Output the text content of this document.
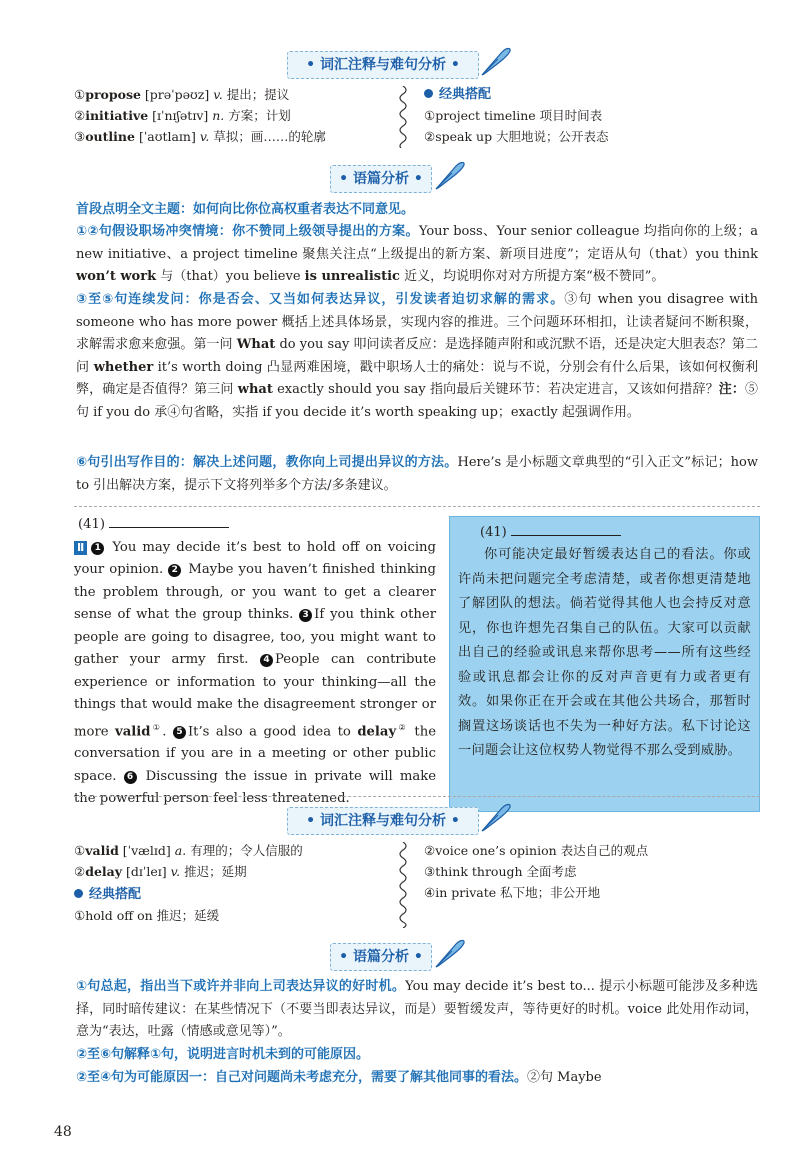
• 词汇注释与难句分析 •
①propose [prəˈpəʊz] v. 提出；提议
②initiative [ɪˈnɪʃətɪv] n. 方案；计划
③outline [ˈaʊtlaɪn] v. 草拟；画……的轮廓
经典搭配
①project timeline 项目时间表
②speak up 大胆地说；公开表态
• 语篇分析 •
首段点明全文主题：如何向比你位高权重者表达不同意见。
①②句假设职场冲突情境：你不赞同上级领导提出的方案。Your boss、Your senior colleague 均指向你的上级；a new initiative、a project timeline 聚焦关注点“上级提出的新方案、新项目进度”；定语从句（that）you think won’t work 与（that）you believe is unrealistic 近义，均说明你对对方所提方案“极不赞同”。
③至⑤句连续发问：你是否会、又当如何表达异议，引发读者迫切求解的需求。③句 when you disagree with someone who has more power 概括上述具体场景，实现内容的推进。三个问题环环相扣，让读者疑问不断积聚，求解需求愈来愈强。第一问 What do you say 叩问读者反应：是选择随声附和或沉默不语，还是决定大胆表态？第二问 whether it’s worth doing 凸显两难困境，戳中职场人士的痛处：说与不说，分别会有什么后果，该如何权衡利弊，确定是否值得？第三问 what exactly should you say 指向最后关键环节：若决定进言，又该如何措辞？注：⑤句 if you do 承④句省略，实指 if you decide it’s worth speaking up；exactly 起强调作用。
⑥句引出写作目的：解决上述问题，教你向上司提出异议的方法。Here’s 是小标题文章典型的“引入正文”标记；how to 引出解决方案，提示下文将列举多个方法/多条建议。
(41)
Ⅱ 1 You may decide it’s best to hold off on voicing your opinion. 2 Maybe you haven’t finished thinking the problem through, or you want to get a clearer sense of what the group thinks. 3 If you think other people are going to disagree, too, you might want to gather your army first. 4 People can contribute experience or information to your thinking—all the things that would make the disagreement stronger or more valid①. 5 It’s also a good idea to delay② the conversation if you are in a meeting or other public space. 6 Discussing the issue in private will make the powerful person feel less threatened.
(41)
你可能决定最好暂缓表达自己的看法。你或许尚未把问题完全考虑清楚，或者你想更清楚地了解团队的想法。倘若觉得其他人也会持反对意见，你也许想先召集自己的队伍。大家可以贡献出自己的经验或讯息来帮你思考——所有这些经验或讯息都会让你的反对声音更有力或者更有效。如果你正在开会或在其他公共场合，那暂时搁置这场谈话也不失为一种好方法。私下讨论这一问题会让这位权势人物觉得不那么受到威胁。
• 词汇注释与难句分析 •
①valid [ˈvælɪd] a. 有理的；令人信服的
②delay [dɪˈleɪ] v. 推迟；延期
经典搭配
①hold off on 推迟；延缓
②voice one’s opinion 表达自己的观点
③think through 全面考虑
④in private 私下地；非公开地
• 语篇分析 •
①句总起，指出当下或许并非向上司表达异议的好时机。You may decide it’s best to... 提示小标题可能涉及多种选择，同时暗传建议：在某些情况下（不要当即表达异议，而是）要暂缓发声，等待更好的时机。voice 此处用作动词，意为“表达，吐露（情感或意见等）”。
②至⑥句解释①句，说明进言时机未到的可能原因。
②至④句为可能原因一：自己对问题尚未考虑充分，需要了解其他同事的看法。②句 Maybe
48
